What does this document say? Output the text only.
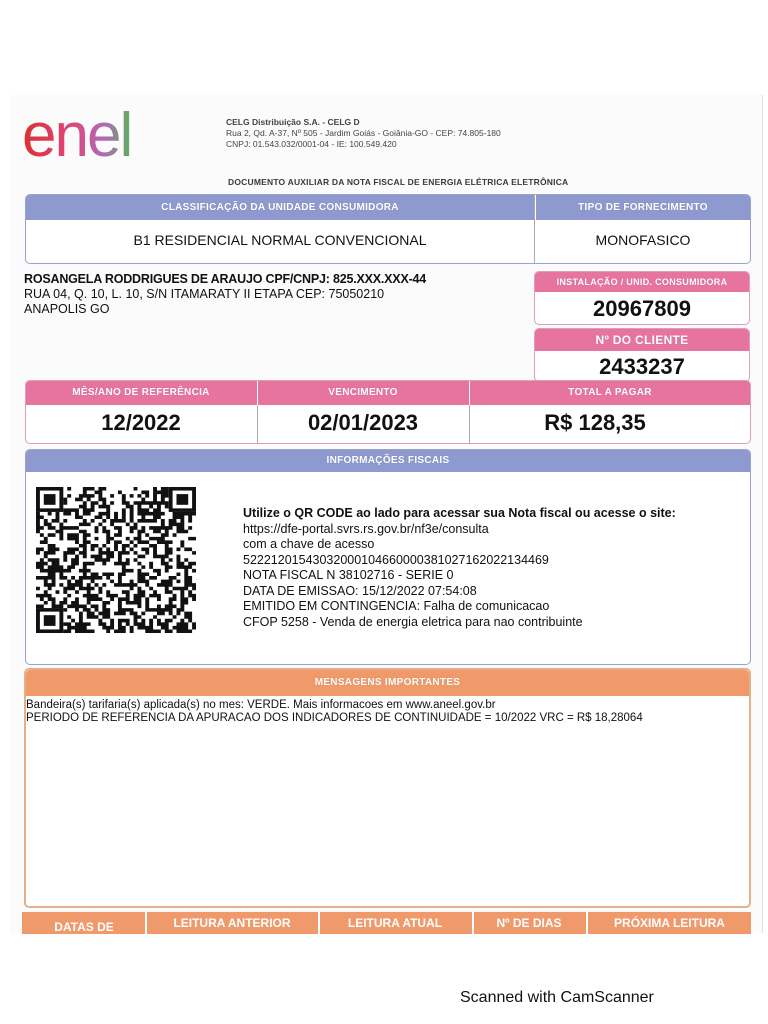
enel	CELG Distribuição S.A. - CELG D
Rua 2, Qd. A-37, Nº 505 - Jardim Goiás - Goiânia-GO - CEP: 74.805-180
CNPJ: 01.543.032/0001-04 - IE: 100.549.420
DOCUMENTO AUXILIAR DA NOTA FISCAL DE ENERGIA ELÉTRICA ELETRÔNICA
CLASSIFICAÇÃO DA UNIDADE CONSUMIDORA	TIPO DE FORNECIMENTO
B1 RESIDENCIAL NORMAL CONVENCIONAL	MONOFASICO
ROSANGELA RODDRIGUES DE ARAUJO CPF/CNPJ: 825.XXX.XXX-44
RUA 04, Q. 10, L. 10, S/N ITAMARATY II ETAPA CEP: 75050210
ANAPOLIS GO
INSTALAÇÃO / UNID. CONSUMIDORA
20967809
Nº DO CLIENTE
2433237
MÊS/ANO DE REFERÊNCIA	VENCIMENTO	TOTAL A PAGAR
12/2022	02/01/2023	R$ 128,35
INFORMAÇÕES FISCAIS
Utilize o QR CODE ao lado para acessar sua Nota fiscal ou acesse o site:
https://dfe-portal.svrs.rs.gov.br/nf3e/consulta
com a chave de acesso
52221201543032000104660000381027162022134469
NOTA FISCAL N 38102716 - SERIE 0
DATA DE EMISSAO: 15/12/2022 07:54:08
EMITIDO EM CONTINGENCIA: Falha de comunicacao
CFOP 5258 - Venda de energia eletrica para nao contribuinte
MENSAGENS IMPORTANTES
Bandeira(s) tarifaria(s) aplicada(s) no mes: VERDE. Mais informacoes em www.aneel.gov.br
PERIODO DE REFERENCIA DA APURACAO DOS INDICADORES DE CONTINUIDADE = 10/2022 VRC = R$ 18,28064
DATAS DE	LEITURA ANTERIOR	LEITURA ATUAL	Nº DE DIAS	PRÓXIMA LEITURA
Scanned with CamScanner
